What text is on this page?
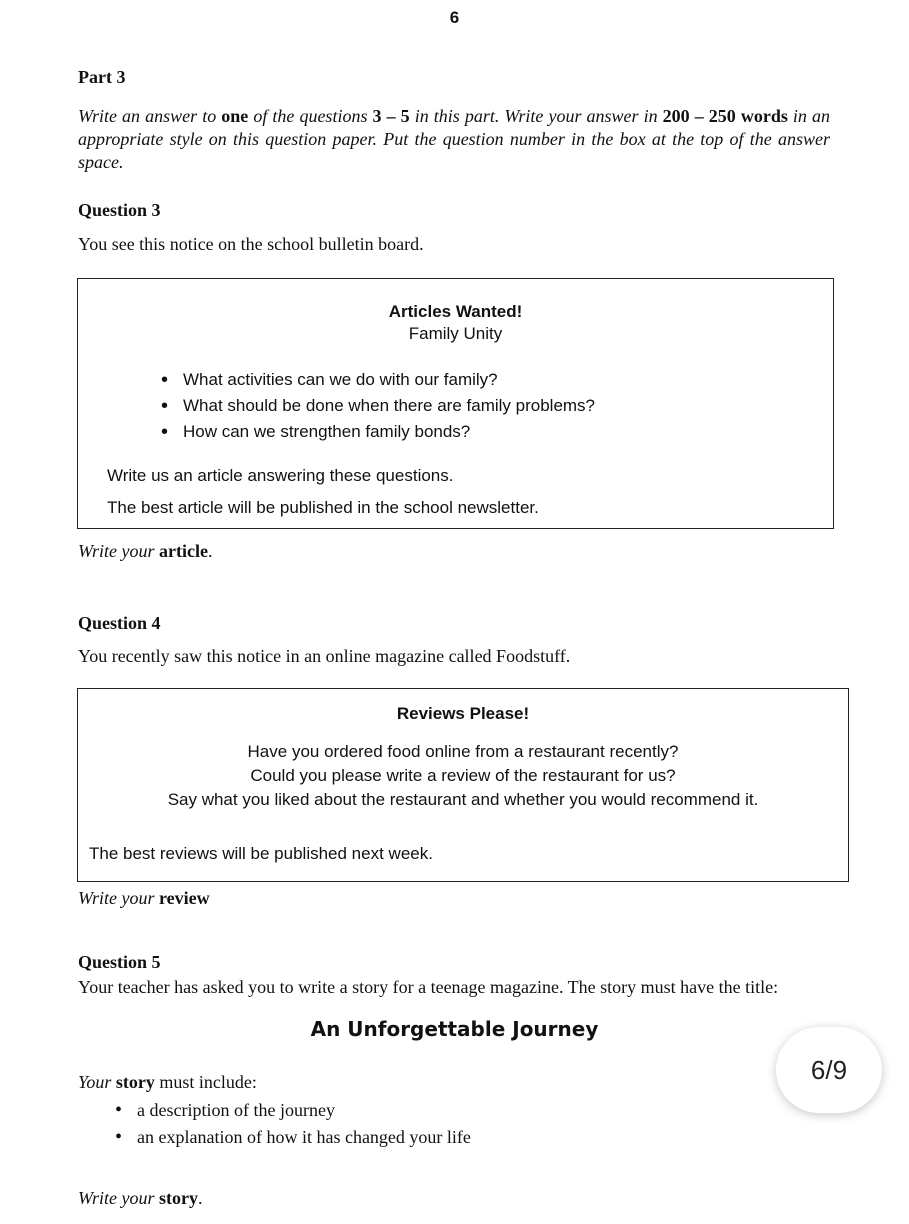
6
Part 3
Write an answer to one of the questions 3 – 5 in this part. Write your answer in 200 – 250 words in an appropriate style on this question paper. Put the question number in the box at the top of the answer space.
Question 3
You see this notice on the school bulletin board.
Articles Wanted!
Family Unity
• What activities can we do with our family?
• What should be done when there are family problems?
• How can we strengthen family bonds?
Write us an article answering these questions.
The best article will be published in the school newsletter.
Write your article.
Question 4
You recently saw this notice in an online magazine called Foodstuff.
Reviews Please!
Have you ordered food online from a restaurant recently?
Could you please write a review of the restaurant for us?
Say what you liked about the restaurant and whether you would recommend it.
The best reviews will be published next week.
Write your review
Question 5
Your teacher has asked you to write a story for a teenage magazine. The story must have the title:
An Unforgettable Journey
Your story must include:
• a description of the journey
• an explanation of how it has changed your life
Write your story.
6/9
